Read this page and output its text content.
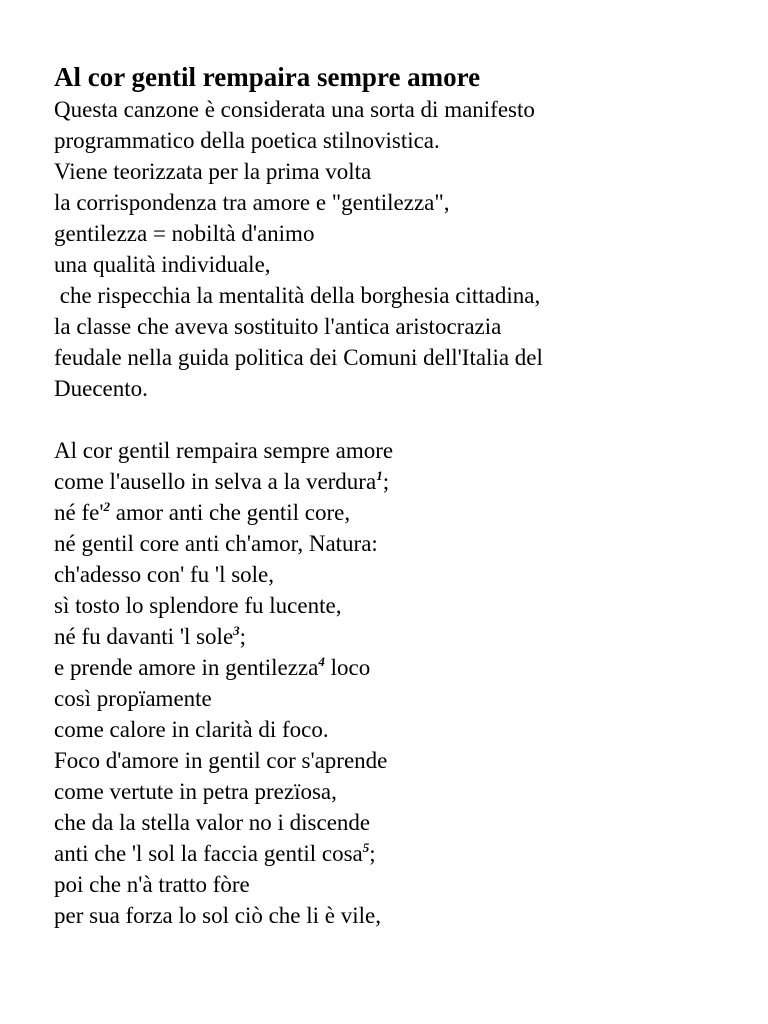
Al cor gentil rempaira sempre amore
Questa canzone è considerata una sorta di manifesto
programmatico della poetica stilnovistica.
Viene teorizzata per la prima volta
la corrispondenza tra amore e "gentilezza",
gentilezza = nobiltà d'animo
una qualità individuale,
che rispecchia la mentalità della borghesia cittadina,
la classe che aveva sostituito l'antica aristocrazia
feudale nella guida politica dei Comuni dell'Italia del
Duecento.
Al cor gentil rempaira sempre amore
come l'ausello in selva a la verdura$^1$;
né fe'$^2$ amor anti che gentil core,
né gentil core anti ch'amor, Natura:
ch'adesso con' fu 'l sole,
sì tosto lo splendore fu lucente,
né fu davanti 'l sole$^3$;
e prende amore in gentilezza$^4$ loco
così propïamente
come calore in clarità di foco.
Foco d'amore in gentil cor s'aprende
come vertute in petra prezïosa,
che da la stella valor no i discende
anti che 'l sol la faccia gentil cosa$^5$;
poi che n'à tratto fòre
per sua forza lo sol ciò che li è vile,
